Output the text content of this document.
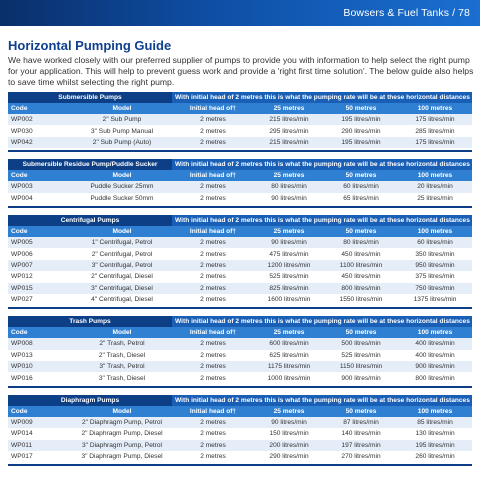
Bowsers & Fuel Tanks / 78
Horizontal Pumping Guide

We have worked closely with our preferred supplier of pumps to provide you with information to help select the right pump for your application. This will help to prevent guess work and provide a 'right first time solution'. The below guide also helps to save time whilst selecting the right pump.

Submersible Pumps		With initial head of 2 metres this is what the pumping rate will be at these horizontal distances			
Code	Model	Initial head of†	25 metres	50 metres	100 metres
WP002	2" Sub Pump	2 metres	215 litres/min	195 litres/min	175 litres/min
WP030	3" Sub Pump Manual	2 metres	295 litres/min	290 litres/min	285 litres/min
WP042	2" Sub Pump (Auto)	2 metres	215 litres/min	195 litres/min	175 litres/min
Submersible Residue Pump/Puddle Sucker		With initial head of 2 metres this is what the pumping rate will be at these horizontal distances			
Code	Model	Initial head of†	25 metres	50 metres	100 metres
WP003	Puddle Sucker 25mm	2 metres	80 litres/min	60 litres/min	20 litres/min
WP004	Puddle Sucker 50mm	2 metres	90 litres/min	65 litres/min	25 litres/min
Centrifugal Pumps		With initial head of 2 metres this is what the pumping rate will be at these horizontal distances			
Code	Model	Initial head of†	25 metres	50 metres	100 metres
WP005	1" Centrifugal, Petrol	2 metres	90 litres/min	80 litres/min	60 litres/min
WP006	2" Centrifugal, Petrol	2 metres	475 litres/min	450 litres/min	350 litres/min
WP007	3" Centrifugal, Petrol	2 metres	1200 litres/min	1100 litres/min	950 litres/min
WP012	2" Centrifugal, Diesel	2 metres	525 litres/min	450 litres/min	375 litres/min
WP015	3" Centrifugal, Diesel	2 metres	825 litres/min	800 litres/min	750 litres/min
WP027	4" Centrifugal, Diesel	2 metres	1600 litres/min	1550 litres/min	1375 litres/min
Trash Pumps		With initial head of 2 metres this is what the pumping rate will be at these horizontal distances			
Code	Model	Initial head of†	25 metres	50 metres	100 metres
WP008	2" Trash, Petrol	2 metres	600 litres/min	500 litres/min	400 litres/min
WP013	2" Trash, Diesel	2 metres	625 litres/min	525 litres/min	400 litres/min
WP010	3" Trash, Petrol	2 metres	1175 litres/min	1150 litres/min	900 litres/min
WP016	3" Trash, Diesel	2 metres	1000 litres/min	900 litres/min	800 litres/min
Diaphragm Pumps		With initial head of 2 metres this is what the pumping rate will be at these horizontal distances			
Code	Model	Initial head of†	25 metres	50 metres	100 metres
WP009	2" Diaphragm Pump, Petrol	2 metres	90 litres/min	87 litres/min	85 litres/min
WP014	2" Diaphragm Pump, Diesel	2 metres	150 litres/min	140 litres/min	130 litres/min
WP011	3" Diaphragm Pump, Petrol	2 metres	200 litres/min	197 litres/min	195 litres/min
WP017	3" Diaphragm Pump, Diesel	2 metres	290 litres/min	270 litres/min	260 litres/min
